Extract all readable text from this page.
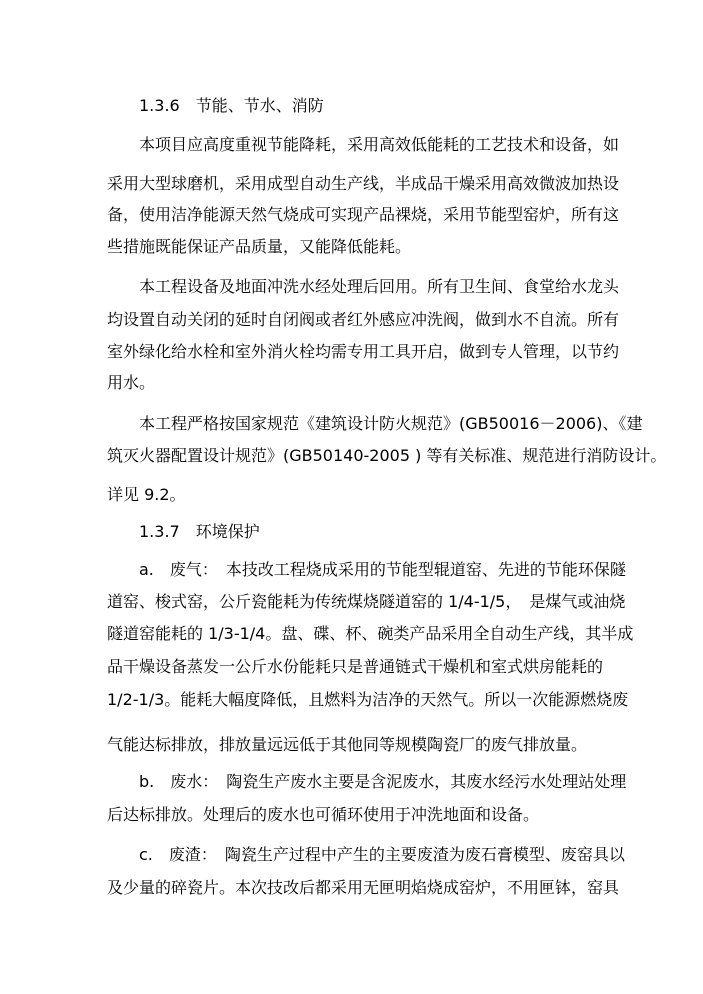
1.3.6　节能、节水、消防
本项目应高度重视节能降耗，采用高效低能耗的工艺技术和设备，如
采用大型球磨机，采用成型自动生产线，半成品干燥采用高效微波加热设
备，使用洁净能源天然气烧成可实现产品裸烧，采用节能型窑炉，所有这
些措施既能保证产品质量，又能降低能耗。
本工程设备及地面冲洗水经处理后回用。所有卫生间、食堂给水龙头
均设置自动关闭的延时自闭阀或者红外感应冲洗阀，做到水不自流。所有
室外绿化给水栓和室外消火栓均需专用工具开启，做到专人管理，以节约
用水。
本工程严格按国家规范《建筑设计防火规范》(GB50016－2006)、《建
筑灭火器配置设计规范》(GB50140-2005 ) 等有关标准、规范进行消防设计。
详见 9.2。
1.3.7　环境保护
a.　废气：　本技改工程烧成采用的节能型辊道窑、先进的节能环保隧
道窑、梭式窑，公斤瓷能耗为传统煤烧隧道窑的 1/4-1/5，　是煤气或油烧
隧道窑能耗的 1/3-1/4。盘、碟、杯、碗类产品采用全自动生产线，其半成
品干燥设备蒸发一公斤水份能耗只是普通链式干燥机和室式烘房能耗的
1/2-1/3。能耗大幅度降低，且燃料为洁净的天然气。所以一次能源燃烧废
气能达标排放，排放量远远低于其他同等规模陶瓷厂的废气排放量。
b.　废水：　陶瓷生产废水主要是含泥废水，其废水经污水处理站处理
后达标排放。处理后的废水也可循环使用于冲洗地面和设备。
c.　废渣：　陶瓷生产过程中产生的主要废渣为废石膏模型、废窑具以
及少量的碎瓷片。本次技改后都采用无匣明焰烧成窑炉，不用匣钵，窑具
